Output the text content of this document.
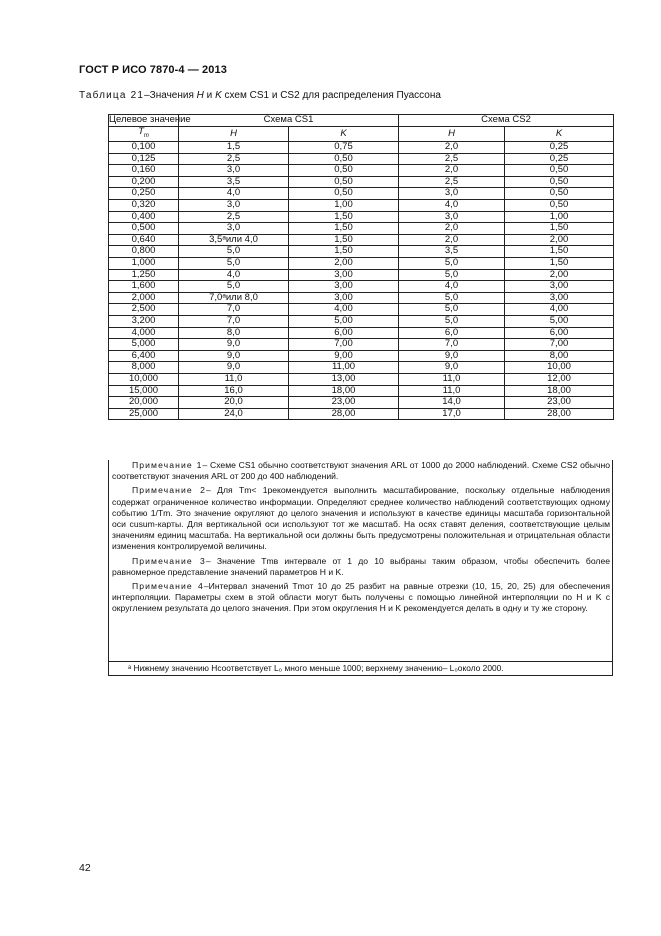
ГОСТ Р ИСО 7870-4 — 2013
Таблица 21–Значения H и K схем CS1 и CS2 для распределения Пуассона
Целевое значение	Схема CS1		Схема CS2	
$T_m$	H	K	H	K
0,100	1,5	0,75	2,0	0,25
0,125	2,5	0,50	2,5	0,25
0,160	3,0	0,50	2,0	0,50
0,200	3,5	0,50	2,5	0,50
0,250	4,0	0,50	3,0	0,50
0,320	3,0	1,00	4,0	0,50
0,400	2,5	1,50	3,0	1,00
0,500	3,0	1,50	2,0	1,50
0,640	3,5ᵃили 4,0	1,50	2,0	2,00
0,800	5,0	1,50	3,5	1,50
1,000	5,0	2,00	5,0	1,50
1,250	4,0	3,00	5,0	2,00
1,600	5,0	3,00	4,0	3,00
2,000	7,0ᵃили 8,0	3,00	5,0	3,00
2,500	7,0	4,00	5,0	4,00
3,200	7,0	5,00	5,0	5,00
4,000	8,0	6,00	6,0	6,00
5,000	9,0	7,00	7,0	7,00
6,400	9,0	9,00	9,0	8,00
8,000	9,0	11,00	9,0	10,00
10,000	11,0	13,00	11,0	12,00
15,000	16,0	18,00	11,0	18,00
20,000	20,0	23,00	14,0	23,00
25,000	24,0	28,00	17,0	28,00

Примечание 1– Схеме CS1 обычно соответствуют значения ARL от 1000 до 2000 наблюдений. Схеме CS2 обычно соответствуют значения ARL от 200 до 400 наблюдений.

Примечание 2– Для Tm< 1рекомендуется выполнить масштабирование, поскольку отдельные наблюдения содержат ограниченное количество информации. Определяют среднее количество наблюдений соответствующих одному событию 1/Tm. Это значение округляют до целого значения и используют в качестве единицы масштаба горизонтальной оси cusum-карты. Для вертикальной оси используют тот же масштаб. На осях ставят деления, соответствующие целым значениям единиц масштаба. На вертикальной оси должны быть предусмотрены положительная и отрицательная области изменения контролируемой величины.

Примечание 3– Значение Tmв интервале от 1 до 10 выбраны таким образом, чтобы обеспечить более равномерное представление значений параметров H и K.

Примечание 4–Интервал значений Tmот 10 до 25 разбит на равные отрезки (10, 15, 20, 25) для обеспечения интерполяции. Параметры схем в этой области могут быть получены с помощью линейной интерполяции по H и K с округлением результата до целого значения. При этом округления H и K рекомендуется делать в одну и ту же сторону.

ᵃ Нижнему значению Hсоответствует L₀ много меньше 1000; верхнему значению– L₀около 2000.
42
